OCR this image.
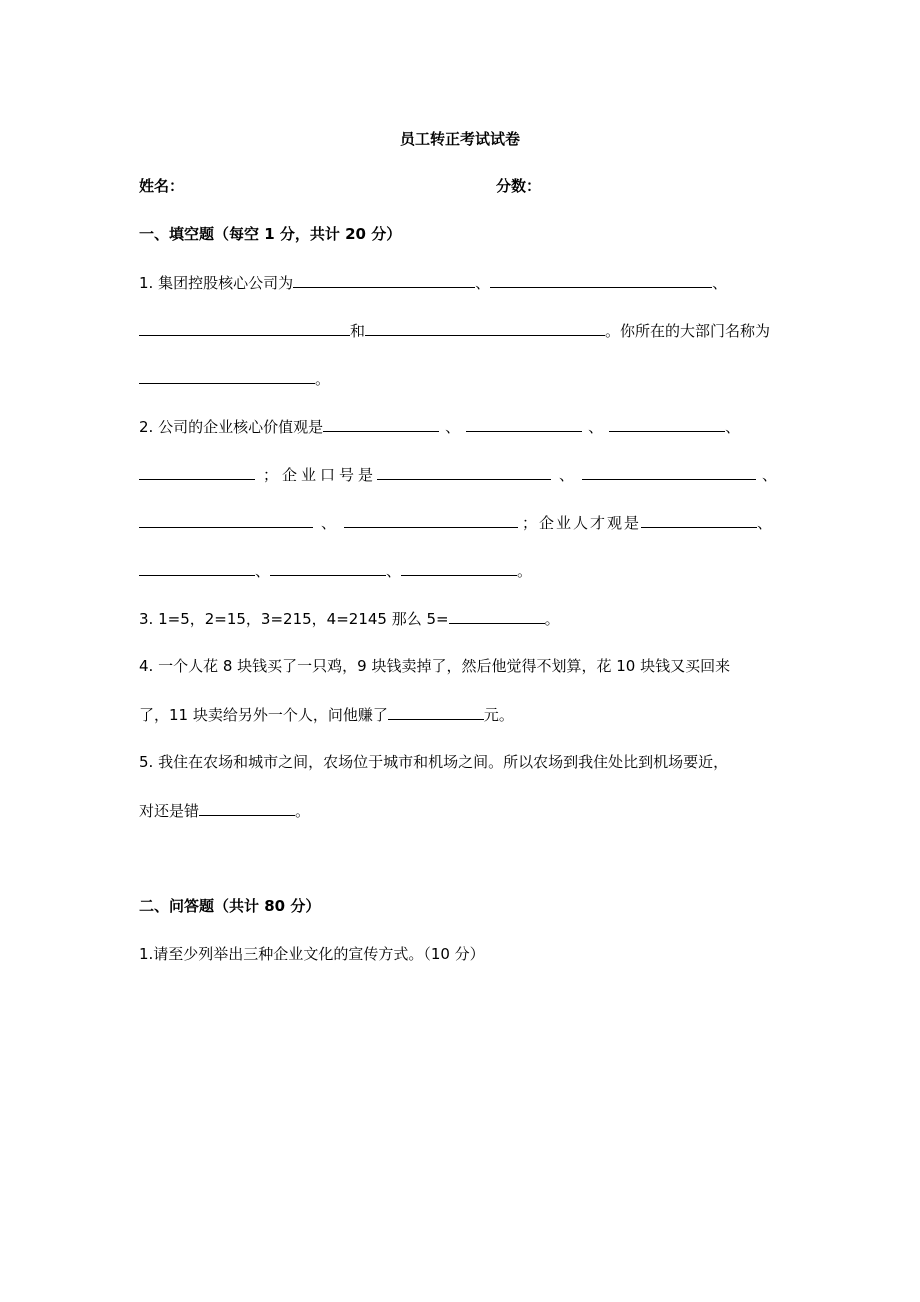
员工转正考试试卷
姓名：	分数：
一、填空题（每空 1 分，共计 20 分）
1. 集团控股核心公司为	、	、
和	。你所在的大部门名称为
。
2. 公司的企业核心价值观是	、	、	、
；企业口号是	、	、
、	；企业人才观是	、
、	、	。
3. 1=5，2=15，3=215，4=2145 那么 5=	。
4. 一个人花 8 块钱买了一只鸡，9 块钱卖掉了，然后他觉得不划算，花 10 块钱又买回来
了，11 块卖给另外一个人，问他赚了	元。
5. 我住在农场和城市之间，农场位于城市和机场之间。所以农场到我住处比到机场要近，
对还是错	。
二、问答题（共计 80 分）
1.请至少列举出三种企业文化的宣传方式。（10 分）
